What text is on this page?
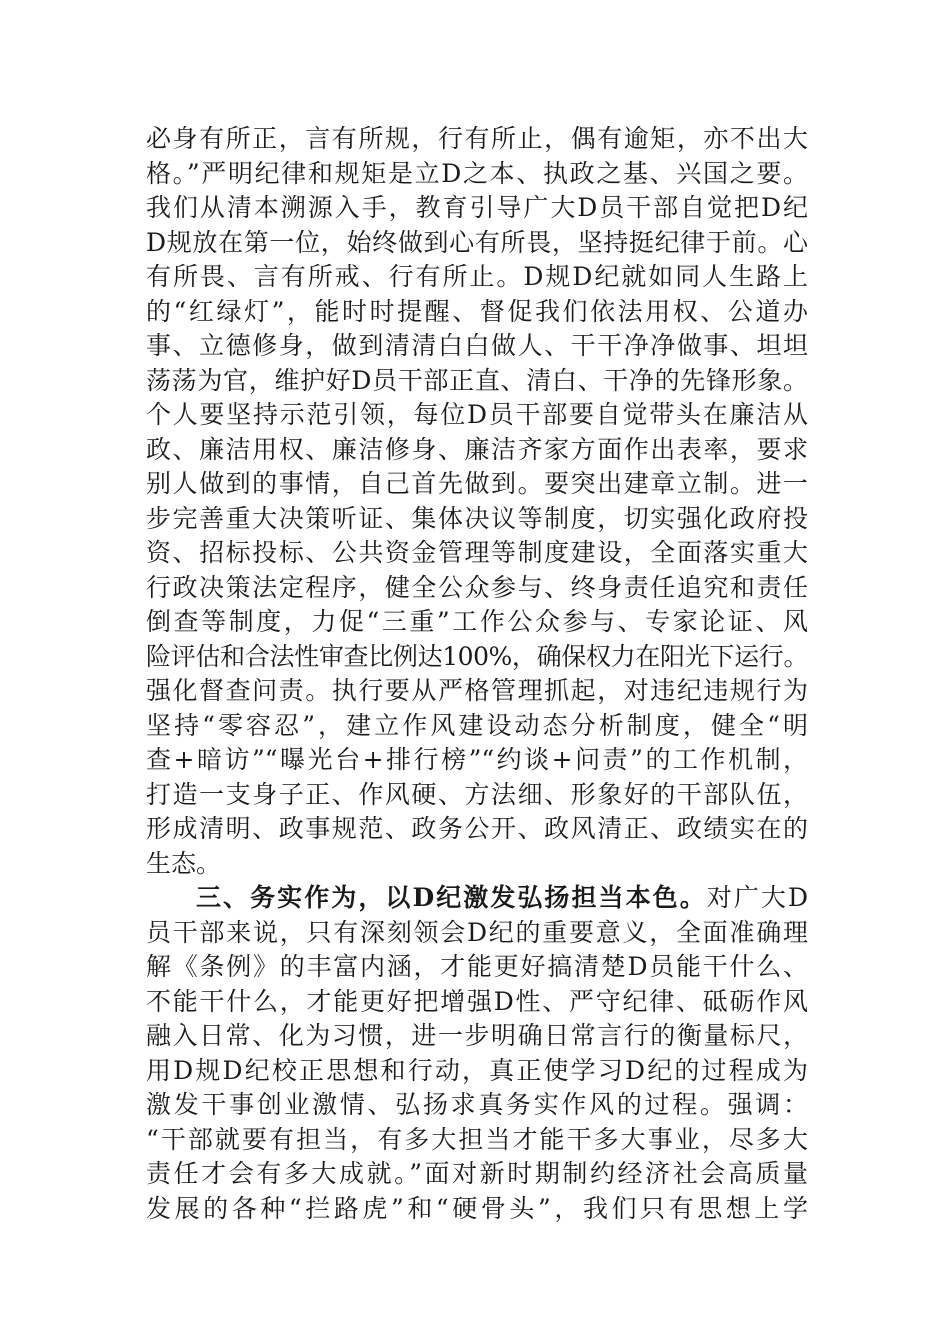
必身有所正，言有所规，行有所止，偶有逾矩，亦不出大
格。”严明纪律和规矩是立D之本、执政之基、兴国之要。
我们从清本溯源入手，教育引导广大D员干部自觉把D纪
D规放在第一位，始终做到心有所畏，坚持挺纪律于前。心
有所畏、言有所戒、行有所止。D规D纪就如同人生路上
的“红绿灯”，能时时提醒、督促我们依法用权、公道办
事、立德修身，做到清清白白做人、干干净净做事、坦坦
荡荡为官，维护好D员干部正直、清白、干净的先锋形象。
个人要坚持示范引领，每位D员干部要自觉带头在廉洁从
政、廉洁用权、廉洁修身、廉洁齐家方面作出表率，要求
别人做到的事情，自己首先做到。要突出建章立制。进一
步完善重大决策听证、集体决议等制度，切实强化政府投
资、招标投标、公共资金管理等制度建设，全面落实重大
行政决策法定程序，健全公众参与、终身责任追究和责任
倒查等制度，力促“三重”工作公众参与、专家论证、风
险评估和合法性审查比例达100%，确保权力在阳光下运行。
强化督查问责。执行要从严格管理抓起，对违纪违规行为
坚持“零容忍”，建立作风建设动态分析制度，健全“明
查+暗访”“曝光台+排行榜”“约谈+问责”的工作机制，
打造一支身子正、作风硬、方法细、形象好的干部队伍，
形成清明、政事规范、政务公开、政风清正、政绩实在的
生态。
三、务实作为，以D纪激发弘扬担当本色。对广大D
员干部来说，只有深刻领会D纪的重要意义，全面准确理
解《条例》的丰富内涵，才能更好搞清楚D员能干什么、
不能干什么，才能更好把增强D性、严守纪律、砥砺作风
融入日常、化为习惯，进一步明确日常言行的衡量标尺，
用D规D纪校正思想和行动，真正使学习D纪的过程成为
激发干事创业激情、弘扬求真务实作风的过程。强调：
“干部就要有担当，有多大担当才能干多大事业，尽多大
责任才会有多大成就。”面对新时期制约经济社会高质量
发展的各种“拦路虎”和“硬骨头”，我们只有思想上学
